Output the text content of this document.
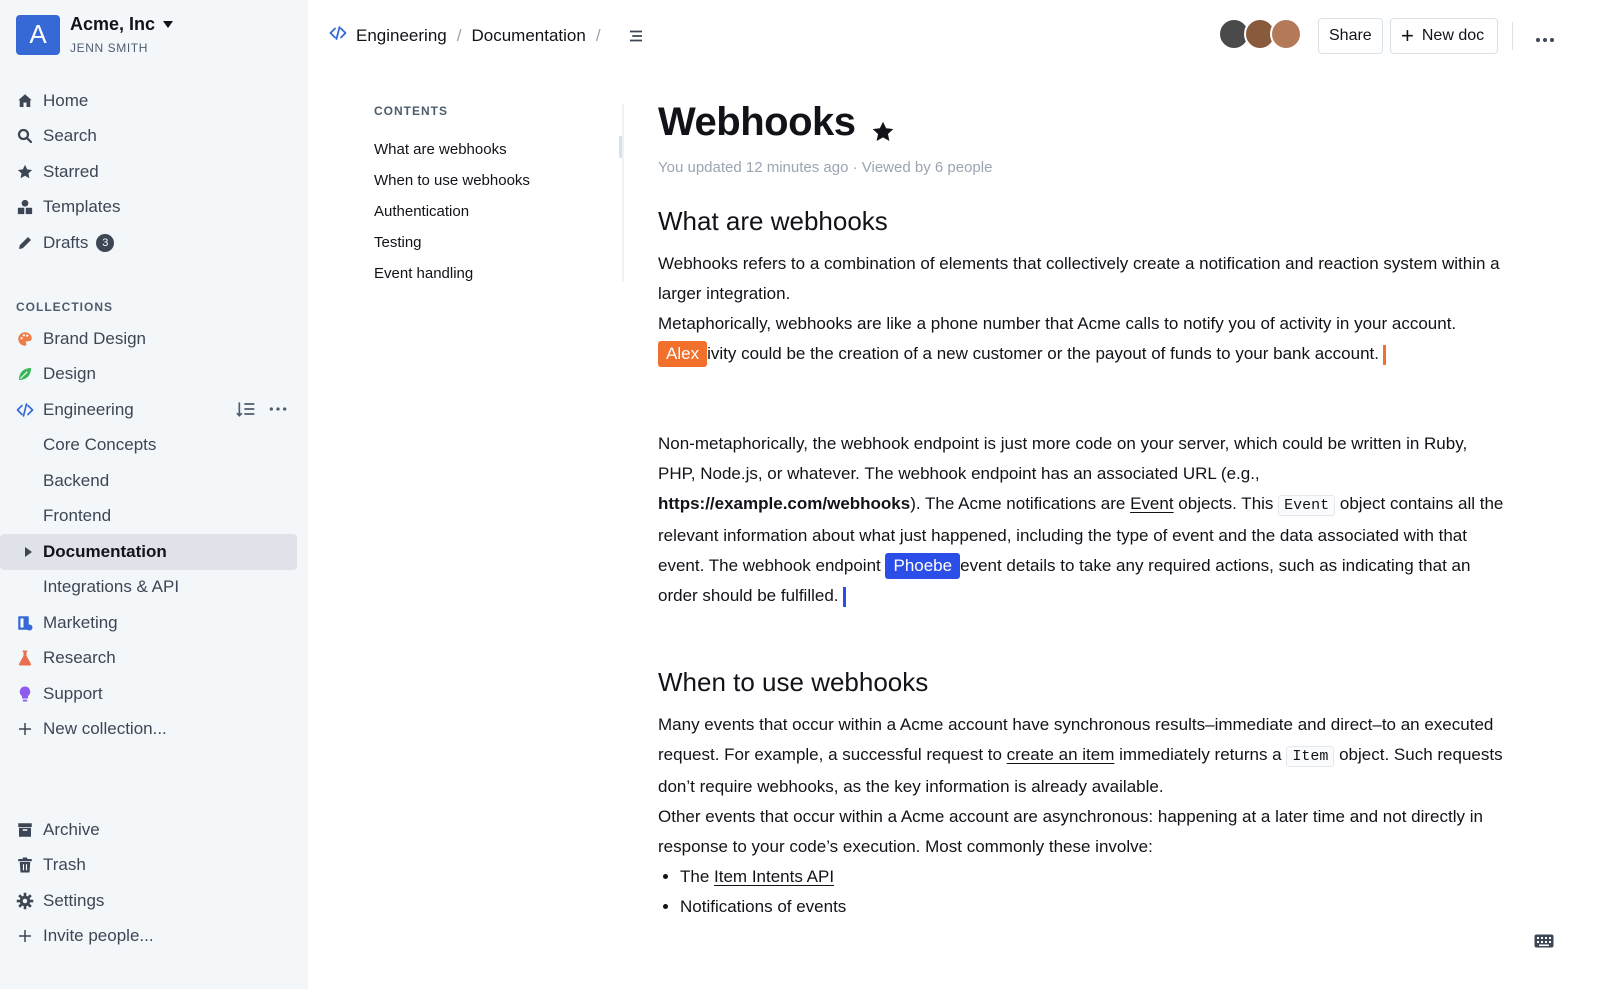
A	Acme, Inc
JENN SMITH
Home
Search
Starred
Templates
Drafts	3
COLLECTIONS
Brand Design
Design
Engineering
Core Concepts
Backend
Frontend
Documentation
Integrations & API
Marketing
Research
Support
New collection...
Archive
Trash
Settings
Invite people...
Engineering / Documentation /	Share	+ New doc
CONTENTS
What are webhooks
When to use webhooks
Authentication
Testing
Event handling
Webhooks
You updated 12 minutes ago · Viewed by 6 people
What are webhooks

Webhooks refers to a combination of elements that collectively create a notification and reaction system within a larger integration.

Metaphorically, webhooks are like a phone number that Acme calls to notify you of activity in your account. Alex ivity could be the creation of a new customer or the payout of funds to your bank account.

Non-metaphorically, the webhook endpoint is just more code on your server, which could be written in Ruby, PHP, Node.js, or whatever. The webhook endpoint has an associated URL (e.g., https://example.com/webhooks). The Acme notifications are Event objects. This Event object contains all the relevant information about what just happened, including the type of event and the data associated with that event. The webhook endpoint Phoebe event details to take any required actions, such as indicating that an order should be fulfilled.

When to use webhooks

Many events that occur within a Acme account have synchronous results–immediate and direct–to an executed request. For example, a successful request to create an item immediately returns a Item object. Such requests don’t require webhooks, as the key information is already available.

Other events that occur within a Acme account are asynchronous: happening at a later time and not directly in response to your code’s execution. Most commonly these involve:

• The Item Intents API
• Notifications of events
